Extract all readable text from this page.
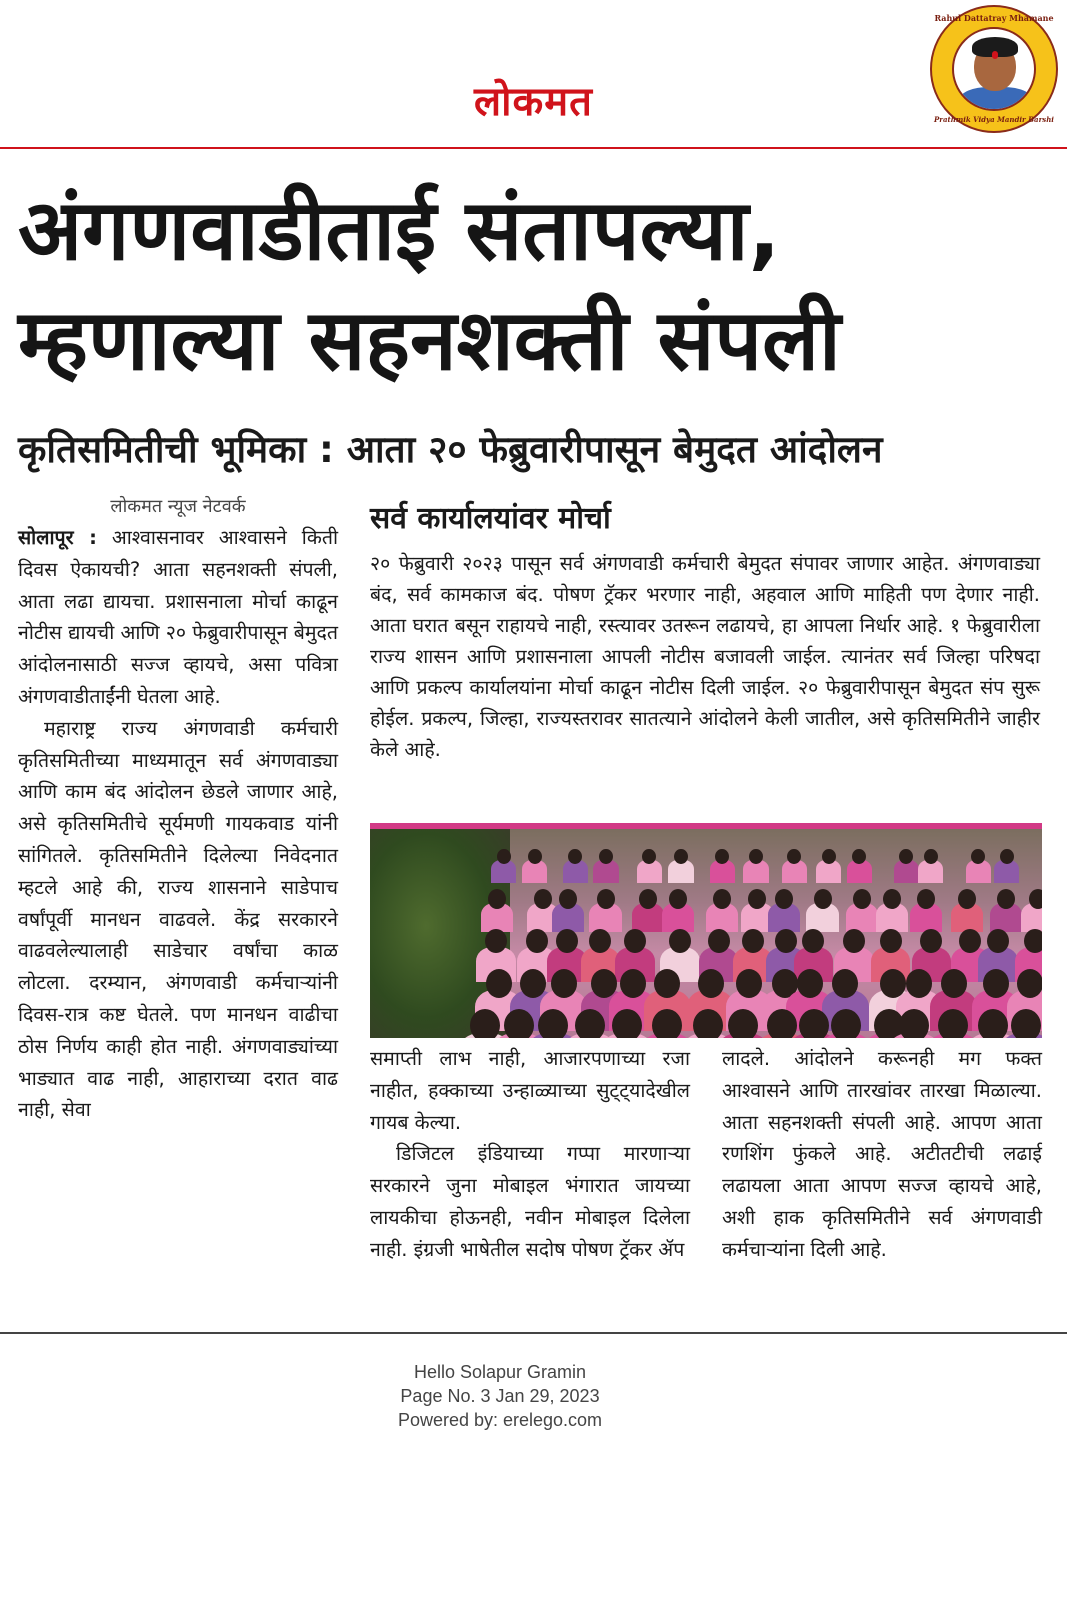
लोकमत
Rahul Dattatray Mhamane
Prathmik Vidya Mandir Barshi
अंगणवाडीताई संतापल्या,
म्हणाल्या सहनशक्ती संपली
कृतिसमितीची भूमिका : आता २० फेब्रुवारीपासून बेमुदत आंदोलन

लोकमत न्यूज नेटवर्क

सोलापूर : आश्वासनावर आश्वासने किती दिवस ऐकायची? आता सहनशक्ती संपली, आता लढा द्यायचा. प्रशासनाला मोर्चा काढून नोटीस द्यायची आणि २० फेब्रुवारीपासून बेमुदत आंदोलनासाठी सज्ज व्हायचे, असा पवित्रा अंगणवाडीताईंनी घेतला आहे.

महाराष्ट्र राज्य अंगणवाडी कर्मचारी कृतिसमितीच्या माध्यमातून सर्व अंगणवाड्या आणि काम बंद आंदोलन छेडले जाणार आहे, असे कृतिसमितीचे सूर्यमणी गायकवाड यांनी सांगितले. कृतिसमितीने दिलेल्या निवेदनात म्हटले आहे की, राज्य शासनाने साडेपाच वर्षांपूर्वी मानधन वाढवले. केंद्र सरकारने वाढवलेल्यालाही साडेचार वर्षांचा काळ लोटला. दरम्यान, अंगणवाडी कर्मचाऱ्यांनी दिवस-रात्र कष्ट घेतले. पण मानधन वाढीचा ठोस निर्णय काही होत नाही. अंगणवाड्यांच्या भाड्यात वाढ नाही, आहाराच्या दरात वाढ नाही, सेवा

सर्व कार्यालयांवर मोर्चा
२० फेब्रुवारी २०२३ पासून सर्व अंगणवाडी कर्मचारी बेमुदत संपावर जाणार आहेत. अंगणवाड्या बंद, सर्व कामकाज बंद. पोषण ट्रॅकर भरणार नाही, अहवाल आणि माहिती पण देणार नाही. आता घरात बसून राहायचे नाही, रस्त्यावर उतरून लढायचे, हा आपला निर्धार आहे. १ फेब्रुवारीला राज्य शासन आणि प्रशासनाला आपली नोटीस बजावली जाईल. त्यानंतर सर्व जिल्हा परिषदा आणि प्रकल्प कार्यालयांना मोर्चा काढून नोटीस दिली जाईल. २० फेब्रुवारीपासून बेमुदत संप सुरू होईल. प्रकल्प, जिल्हा, राज्यस्तरावर सातत्याने आंदोलने केली जातील, असे कृतिसमितीने जाहीर केले आहे.

समाप्ती लाभ नाही, आजारपणाच्या रजा नाहीत, हक्काच्या उन्हाळ्याच्या सुट्ट्यादेखील गायब केल्या.

डिजिटल इंडियाच्या गप्पा मारणाऱ्या सरकारने जुना मोबाइल भंगारात जायच्या लायकीचा होऊनही, नवीन मोबाइल दिलेला नाही. इंग्रजी भाषेतील सदोष पोषण ट्रॅकर ॲप

लादले. आंदोलने करूनही मग फक्त आश्वासने आणि तारखांवर तारखा मिळाल्या. आता सहनशक्ती संपली आहे. आपण आता रणशिंग फुंकले आहे. अटीतटीची लढाई लढायला आता आपण सज्ज व्हायचे आहे, अशी हाक कृतिसमितीने सर्व अंगणवाडी कर्मचाऱ्यांना दिली आहे.

Hello Solapur Gramin
Page No. 3 Jan 29, 2023
Powered by: erelego.com
